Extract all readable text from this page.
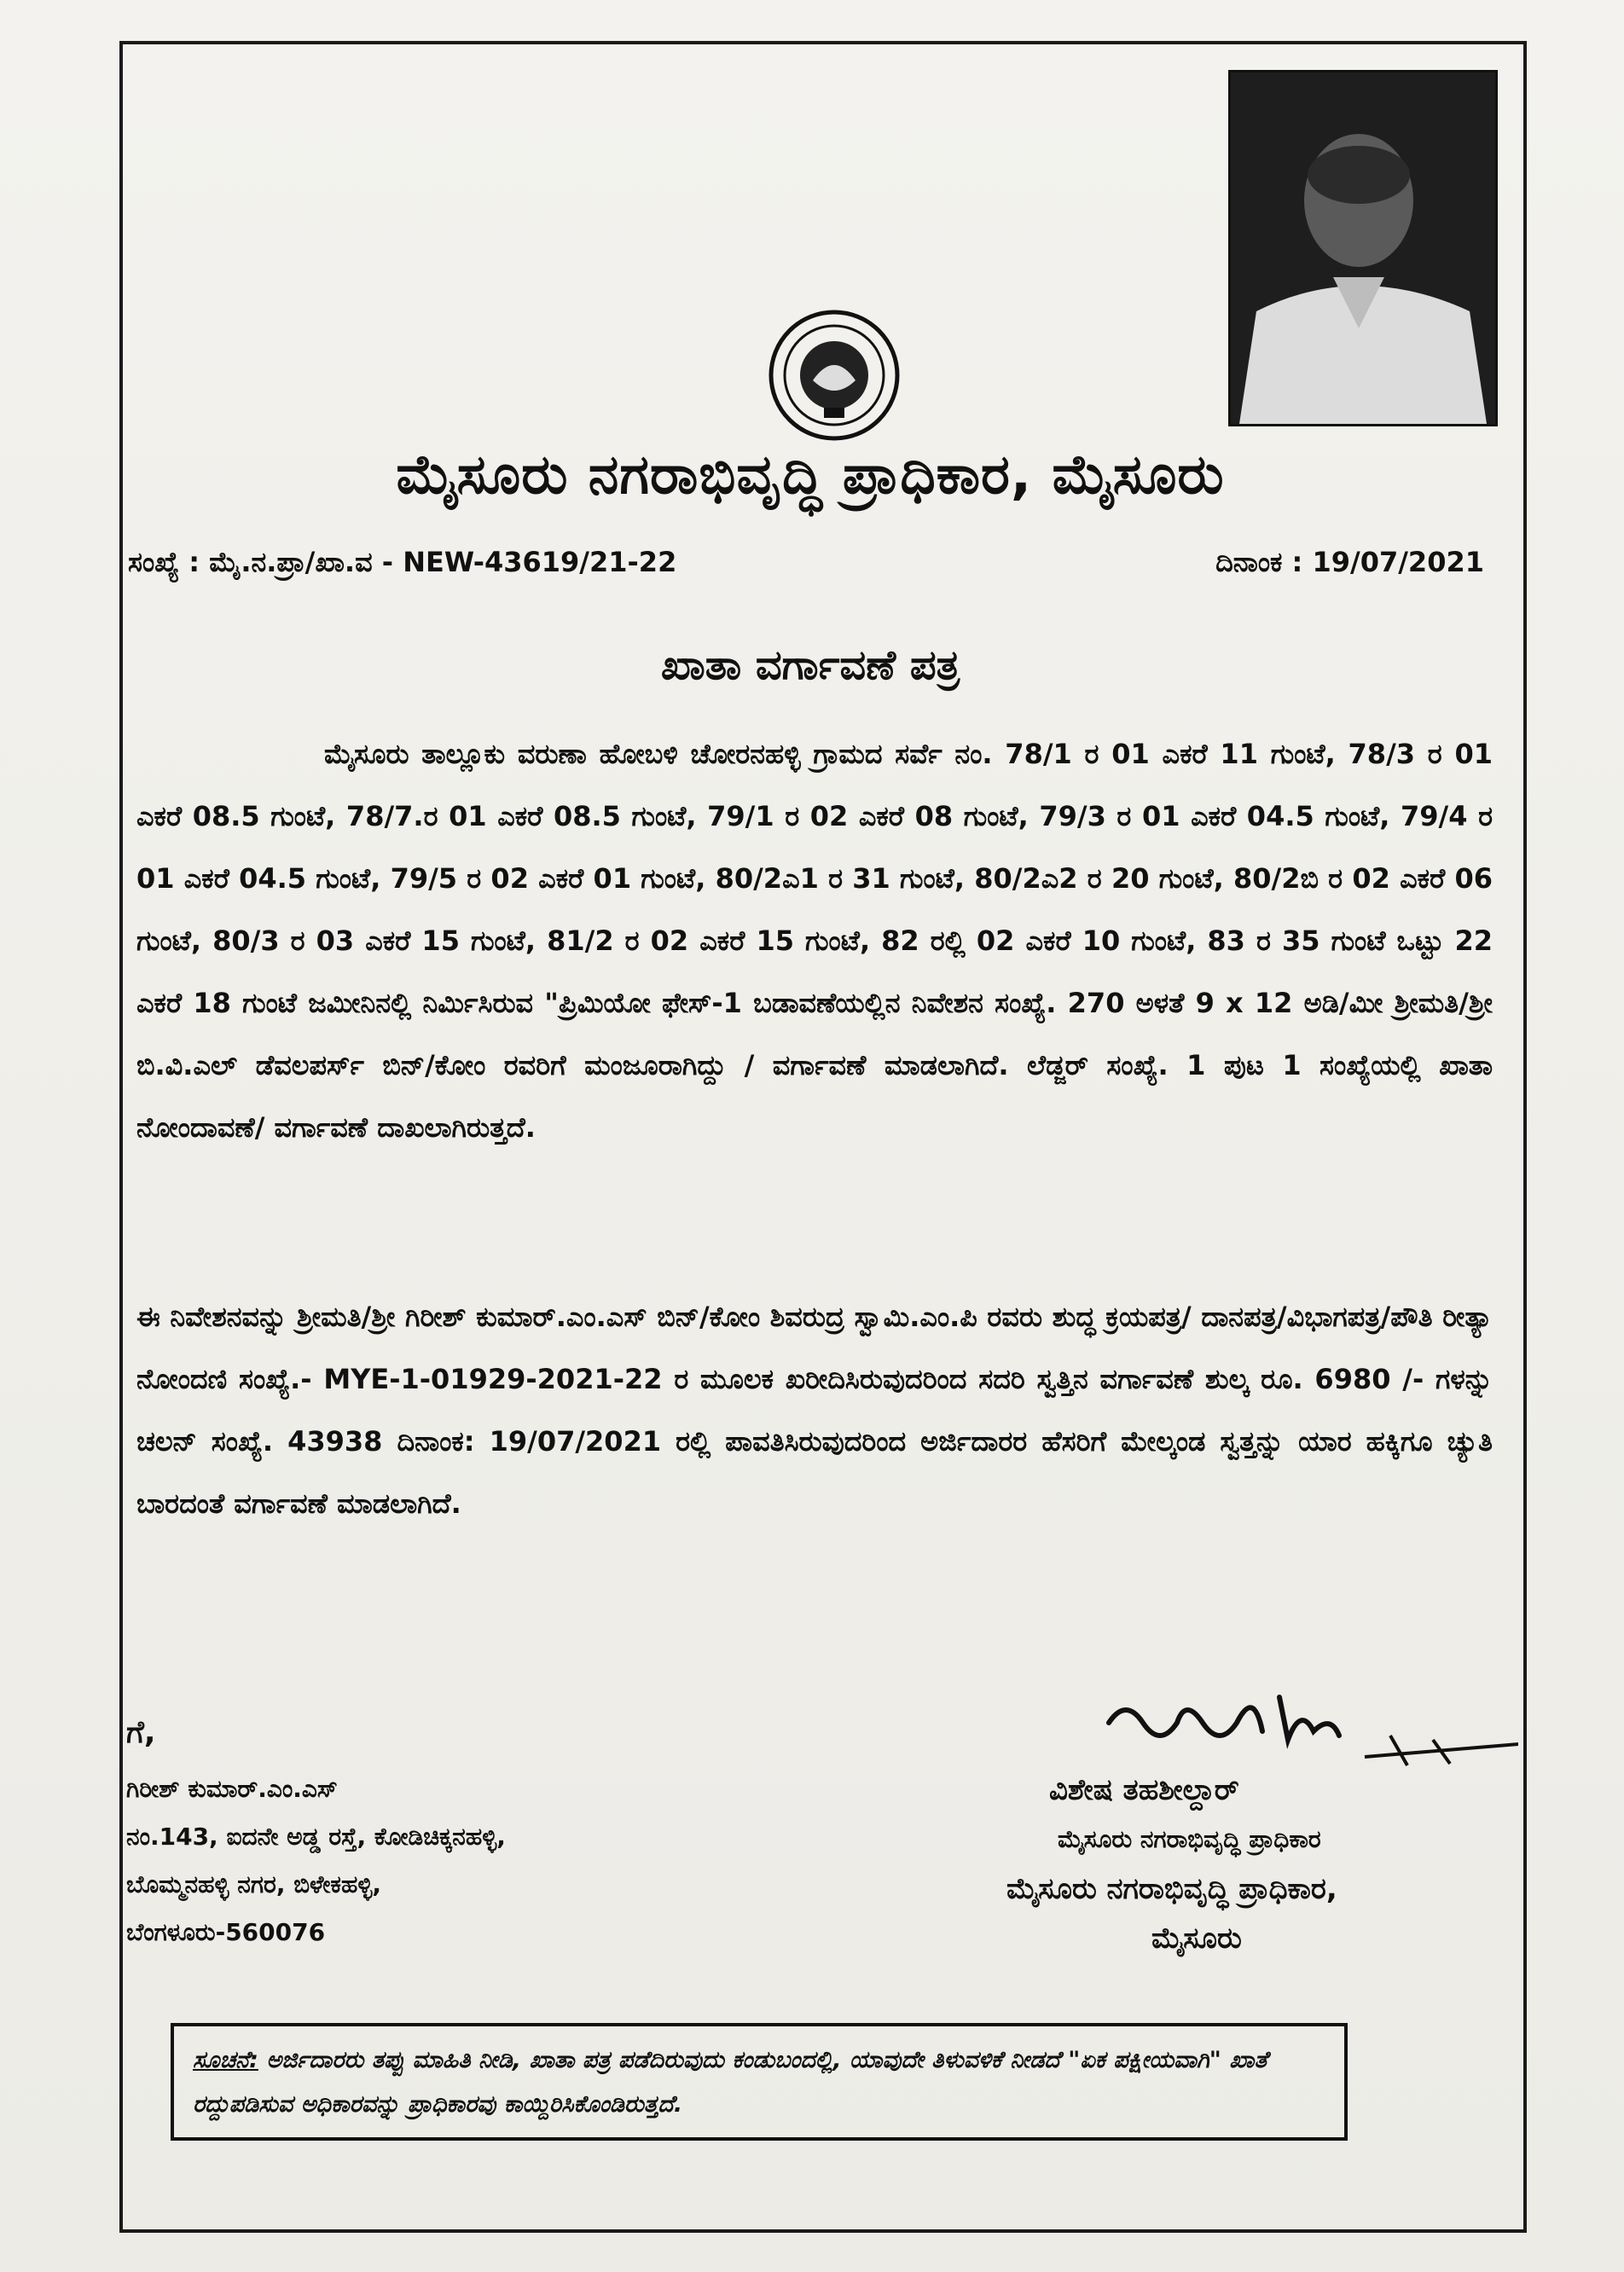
ಮೈಸೂರು ನಗರಾಭಿವೃದ್ಧಿ ಪ್ರಾಧಿಕಾರ, ಮೈಸೂರು
ಸಂಖ್ಯೆ : ಮೈ.ನ.ಪ್ರಾ/ಖಾ.ವ - NEW-43619/21-22	ದಿನಾಂಕ : 19/07/2021
ಖಾತಾ ವರ್ಗಾವಣೆ ಪತ್ರ
ಮೈಸೂರು ತಾಲ್ಲೂಕು ವರುಣಾ ಹೋಬಳಿ ಚೋರನಹಳ್ಳಿ ಗ್ರಾಮದ ಸರ್ವೆ ನಂ. 78/1 ರ 01 ಎಕರೆ 11 ಗುಂಟೆ, 78/3 ರ 01 ಎಕರೆ 08.5 ಗುಂಟೆ, 78/7.ರ 01 ಎಕರೆ 08.5 ಗುಂಟೆ, 79/1 ರ 02 ಎಕರೆ 08 ಗುಂಟೆ, 79/3 ರ 01 ಎಕರೆ 04.5 ಗುಂಟೆ, 79/4 ರ 01 ಎಕರೆ 04.5 ಗುಂಟೆ, 79/5 ರ 02 ಎಕರೆ 01 ಗುಂಟೆ, 80/2ಎ1 ರ 31 ಗುಂಟೆ, 80/2ಎ2 ರ 20 ಗುಂಟೆ, 80/2ಬಿ ರ 02 ಎಕರೆ 06 ಗುಂಟೆ, 80/3 ರ 03 ಎಕರೆ 15 ಗುಂಟೆ, 81/2 ರ 02 ಎಕರೆ 15 ಗುಂಟೆ, 82 ರಲ್ಲಿ 02 ಎಕರೆ 10 ಗುಂಟೆ, 83 ರ 35 ಗುಂಟೆ ಒಟ್ಟು 22 ಎಕರೆ 18 ಗುಂಟೆ ಜಮೀನಿನಲ್ಲಿ ನಿರ್ಮಿಸಿರುವ "ಪ್ರಿಮಿಯೋ ಫೇಸ್-1 ಬಡಾವಣೆಯಲ್ಲಿನ ನಿವೇಶನ ಸಂಖ್ಯೆ. 270 ಅಳತೆ 9 x 12 ಅಡಿ/ಮೀ ಶ್ರೀಮತಿ/ಶ್ರೀ ಬಿ.ವಿ.ಎಲ್ ಡೆವಲಪರ್ಸ್ ಬಿನ್/ಕೋಂ ರವರಿಗೆ ಮಂಜೂರಾಗಿದ್ದು / ವರ್ಗಾವಣೆ ಮಾಡಲಾಗಿದೆ. ಲೆಡ್ಜರ್ ಸಂಖ್ಯೆ. 1 ಪುಟ 1 ಸಂಖ್ಯೆಯಲ್ಲಿ ಖಾತಾ ನೋಂದಾವಣೆ/ ವರ್ಗಾವಣೆ ದಾಖಲಾಗಿರುತ್ತದೆ.
ಈ ನಿವೇಶನವನ್ನು ಶ್ರೀಮತಿ/ಶ್ರೀ ಗಿರೀಶ್ ಕುಮಾರ್.ಎಂ.ಎಸ್ ಬಿನ್/ಕೋಂ ಶಿವರುದ್ರ ಸ್ವಾಮಿ.ಎಂ.ಪಿ ರವರು ಶುದ್ಧ ಕ್ರಯಪತ್ರ/ ದಾನಪತ್ರ/ವಿಭಾಗಪತ್ರ/ಪೌತಿ ರೀತ್ಯಾ ನೋಂದಣಿ ಸಂಖ್ಯೆ.- MYE-1-01929-2021-22 ರ ಮೂಲಕ ಖರೀದಿಸಿರುವುದರಿಂದ ಸದರಿ ಸ್ವತ್ತಿನ ವರ್ಗಾವಣೆ ಶುಲ್ಕ ರೂ. 6980 /- ಗಳನ್ನು ಚಲನ್ ಸಂಖ್ಯೆ. 43938 ದಿನಾಂಕ: 19/07/2021 ರಲ್ಲಿ ಪಾವತಿಸಿರುವುದರಿಂದ ಅರ್ಜಿದಾರರ ಹೆಸರಿಗೆ ಮೇಲ್ಕಂಡ ಸ್ವತ್ತನ್ನು ಯಾರ ಹಕ್ಕಿಗೂ ಚ್ಯುತಿ ಬಾರದಂತೆ ವರ್ಗಾವಣೆ ಮಾಡಲಾಗಿದೆ.
ಗೆ,
ಗಿರೀಶ್ ಕುಮಾರ್.ಎಂ.ಎಸ್
ನಂ.143, ಐದನೇ ಅಡ್ಡ ರಸ್ತೆ, ಕೋಡಿಚಿಕ್ಕನಹಳ್ಳಿ,
ಬೊಮ್ಮನಹಳ್ಳಿ ನಗರ, ಬಿಳೇಕಹಳ್ಳಿ,
ಬೆಂಗಳೂರು-560076
ವಿಶೇಷ ತಹಶೀಲ್ದಾರ್
ಮೈಸೂರು ನಗರಾಭಿವೃದ್ಧಿ ಪ್ರಾಧಿಕಾರ
ಮೈಸೂರು ನಗರಾಭಿವೃದ್ಧಿ ಪ್ರಾಧಿಕಾರ,
ಮೈಸೂರು
ಸೂಚನೆ: ಅರ್ಜಿದಾರರು ತಪ್ಪು ಮಾಹಿತಿ ನೀಡಿ, ಖಾತಾ ಪತ್ರ ಪಡೆದಿರುವುದು ಕಂಡುಬಂದಲ್ಲಿ, ಯಾವುದೇ ತಿಳುವಳಿಕೆ ನೀಡದೆ "ಏಕ ಪಕ್ಷೀಯವಾಗಿ" ಖಾತೆ ರದ್ದುಪಡಿಸುವ ಅಧಿಕಾರವನ್ನು ಪ್ರಾಧಿಕಾರವು ಕಾಯ್ದಿರಿಸಿಕೊಂಡಿರುತ್ತದೆ.
